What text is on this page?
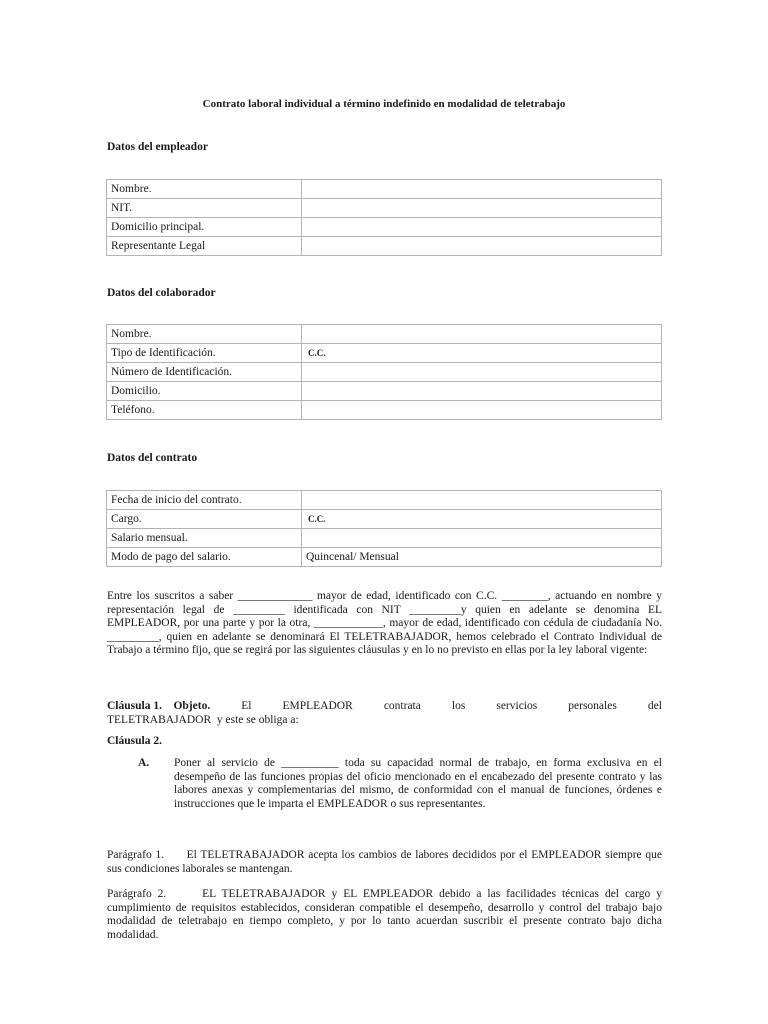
Contrato laboral individual a término indefinido en modalidad de teletrabajo
Datos del empleador
Nombre.	
NIT.	
Domicilio principal.	
Representante Legal	
Datos del colaborador
Nombre.	
Tipo de Identificación.	C.C.
Número de Identificación.	
Domicilio.	
Teléfono.	
Datos del contrato
Fecha de inicio del contrato.	
Cargo.	C.C.
Salario mensual.	
Modo de pago del salario.	Quincenal/ Mensual
Entre los suscritos a saber _____________ mayor de edad, identificado con C.C. ________, actuando en nombre y representación legal de _________ identificada con NIT _________y quien en adelante se denomina EL EMPLEADOR, por una parte y por la otra, ____________, mayor de edad, identificado con cédula de ciudadanía No. _________, quien en adelante se denominará El TELETRABAJADOR, hemos celebrado el Contrato Individual de Trabajo a término fijo, que se regirá por las siguientes cláusulas y en lo no previsto en ellas por la ley laboral vigente:
Cláusula 1. Objeto.	El	EMPLEADOR	contrata	los	servicios	personales	del
TELETRABAJADOR  y este se obliga a:
Cláusula 2.
A. Poner al servicio de __________ toda su capacidad normal de trabajo, en forma exclusiva en el desempeño de las funciones propias del oficio mencionado en el encabezado del presente contrato y las labores anexas y complementarias del mismo, de conformidad con el manual de funciones, órdenes e instrucciones que le imparta el EMPLEADOR o sus representantes.
Parágrafo 1.      El TELETRABAJADOR acepta los cambios de labores decididos por el EMPLEADOR siempre que sus condiciones laborales se mantengan.
Parágrafo 2.      EL TELETRABAJADOR y EL EMPLEADOR debido a las facilidades técnicas del cargo y cumplimiento de requisitos establecidos, consideran compatible el desempeño, desarrollo y control del trabajo bajo modalidad de teletrabajo en tiempo completo, y por lo tanto acuerdan suscribir el presente contrato bajo dicha modalidad.
